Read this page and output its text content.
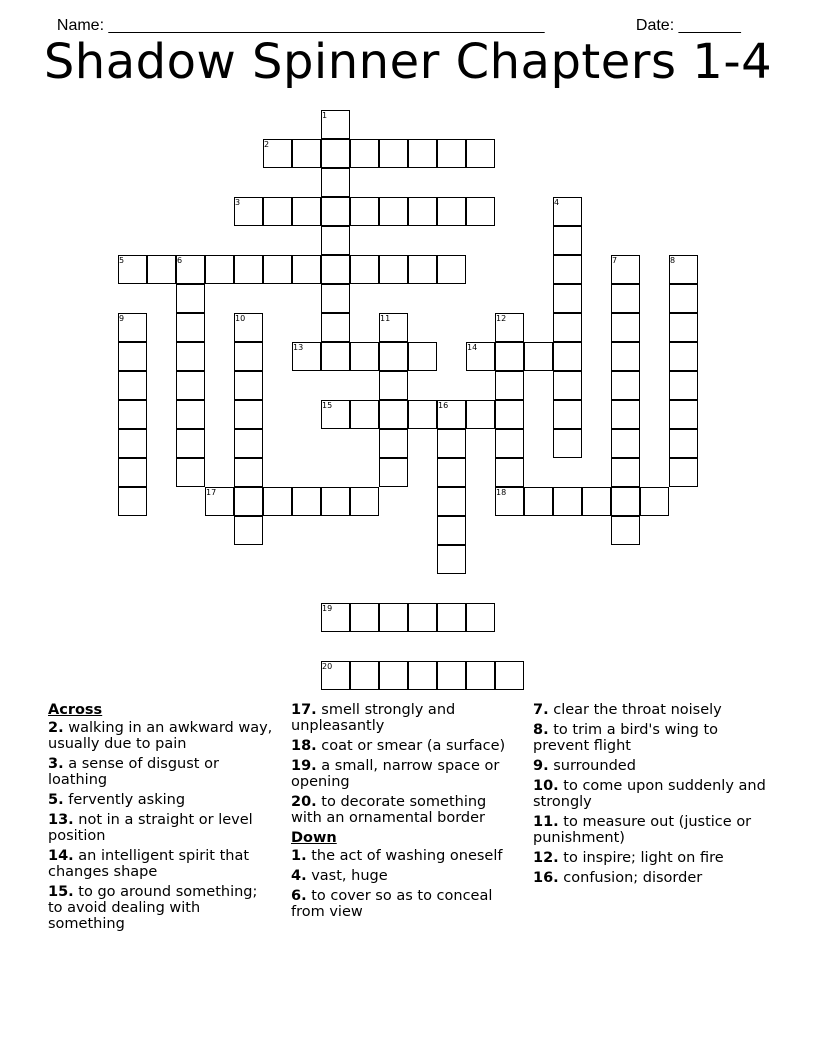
Name: _________________________________________________	Date: _______

Shadow Spinner Chapters 1-4
1
2
3	4
5	6	7	8
9	10	11	12
18
13	14
15	16
17
19
20
Across
2. walking in an awkward way, usually due to pain
3. a sense of disgust or loathing
5. fervently asking
13. not in a straight or level position
14. an intelligent spirit that changes shape
15. to go around something; to avoid dealing with something
17. smell strongly and unpleasantly
18. coat or smear (a surface)
19. a small, narrow space or opening
20. to decorate something with an ornamental border
Down
1. the act of washing oneself
4. vast, huge
6. to cover so as to conceal from view
7. clear the throat noisely
8. to trim a bird's wing to prevent flight
9. surrounded
10. to come upon suddenly and strongly
11. to measure out (justice or punishment)
12. to inspire; light on fire
16. confusion; disorder
